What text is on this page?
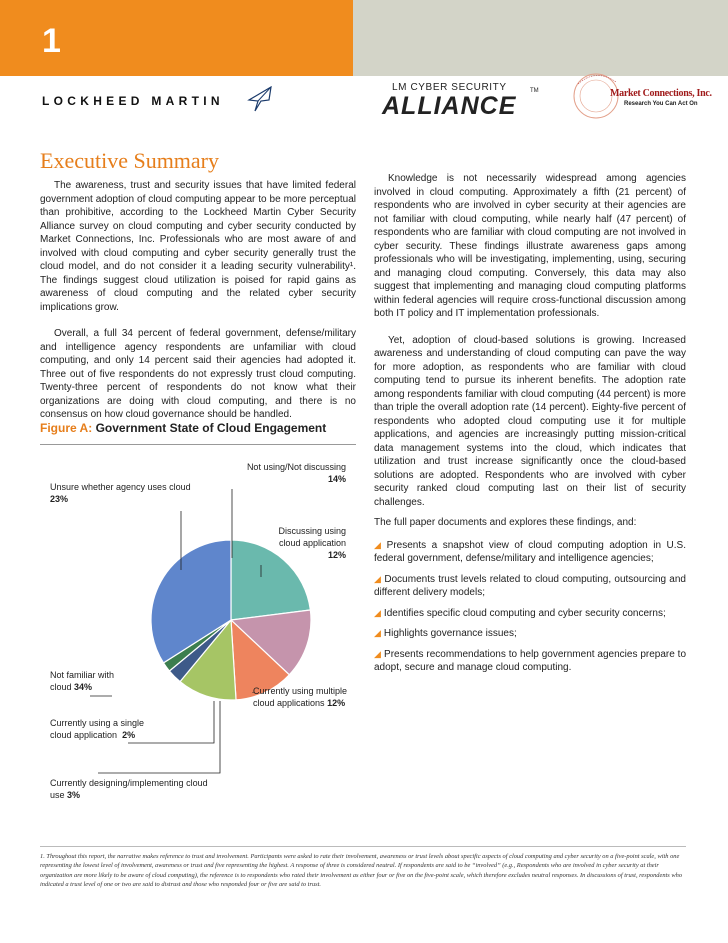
1
LOCKHEED MARTIN
LM CYBER SECURITY
ALLIANCE
TM	Market Connections, Inc.
Research You Can Act On
Executive Summary

The awareness, trust and security issues that have limited federal government adoption of cloud computing appear to be more perceptual than prohibitive, according to the Lockheed Martin Cyber Security Alliance survey on cloud computing and cyber security conducted by Market Connections, Inc. Professionals who are most aware of and involved with cloud computing and cyber security generally trust the cloud model, and do not consider it a leading security vulnerability¹. The findings suggest cloud utilization is poised for rapid gains as awareness of cloud computing and the related cyber security implications grow.

Overall, a full 34 percent of federal government, defense/military and intelligence agency respondents are unfamiliar with cloud computing, and only 14 percent said their agencies had adopted it. Three out of five respondents do not expressly trust cloud computing. Twenty-three percent of respondents do not know what their organizations are doing with cloud computing, and there is no consensus on how cloud governance should be handled.

Figure A: Government State of Cloud Engagement
Unsure whether agency uses cloud 23%
Not using/Not discussing
14%
Discussing using cloud application
12%
Currently using multiple cloud applications 12%
Not familiar with cloud 34%
Currently using a single cloud application 2%
Currently designing/implementing cloud use 3%

Knowledge is not necessarily widespread among agencies involved in cloud computing. Approximately a fifth (21 percent) of respondents who are involved in cyber security at their agencies are not familiar with cloud computing, while nearly half (47 percent) of respondents who are familiar with cloud computing are not involved in cyber security. These findings illustrate awareness gaps among professionals who will be investigating, implementing, using, securing and managing cloud computing. Conversely, this data may also suggest that implementing and managing cloud computing platforms within federal agencies will require cross-functional discussion among both IT policy and IT implementation professionals.

Yet, adoption of cloud-based solutions is growing. Increased awareness and understanding of cloud computing can pave the way for more adoption, as respondents who are familiar with cloud computing tend to pursue its inherent benefits. The adoption rate among respondents familiar with cloud computing (44 percent) is more than triple the overall adoption rate (14 percent). Eighty-five percent of respondents who adopted cloud computing use it for multiple applications, and agencies are increasingly putting mission-critical data management systems into the cloud, which indicates that utilization and trust increase significantly once the cloud-based solutions are adopted. Respondents who are involved with cyber security ranked cloud computing last on their list of security challenges.

The full paper documents and explores these findings, and:

◢ Presents a snapshot view of cloud computing adoption in U.S. federal government, defense/military and intelligence agencies;

◢ Documents trust levels related to cloud computing, outsourcing and different delivery models;

◢ Identifies specific cloud computing and cyber security concerns;

◢ Highlights governance issues;

◢ Presents recommendations to help government agencies prepare to adopt, secure and manage cloud computing.

1. Throughout this report, the narrative makes reference to trust and involvement. Participants were asked to rate their involvement, awareness or trust levels about specific aspects of cloud computing and cyber security on a five-point scale, with one representing the lowest level of involvement, awareness or trust and five representing the highest. A response of three is considered neutral. If respondents are said to be “involved” (e.g., Respondents who are involved in cyber security at their organization are more likely to be aware of cloud computing), the reference is to respondents who rated their involvement as either four or five on the five-point scale, which therefore excludes neutral responses. In discussions of trust, respondents who indicated a trust level of one or two are said to distrust and those who responded four or five are said to trust.
